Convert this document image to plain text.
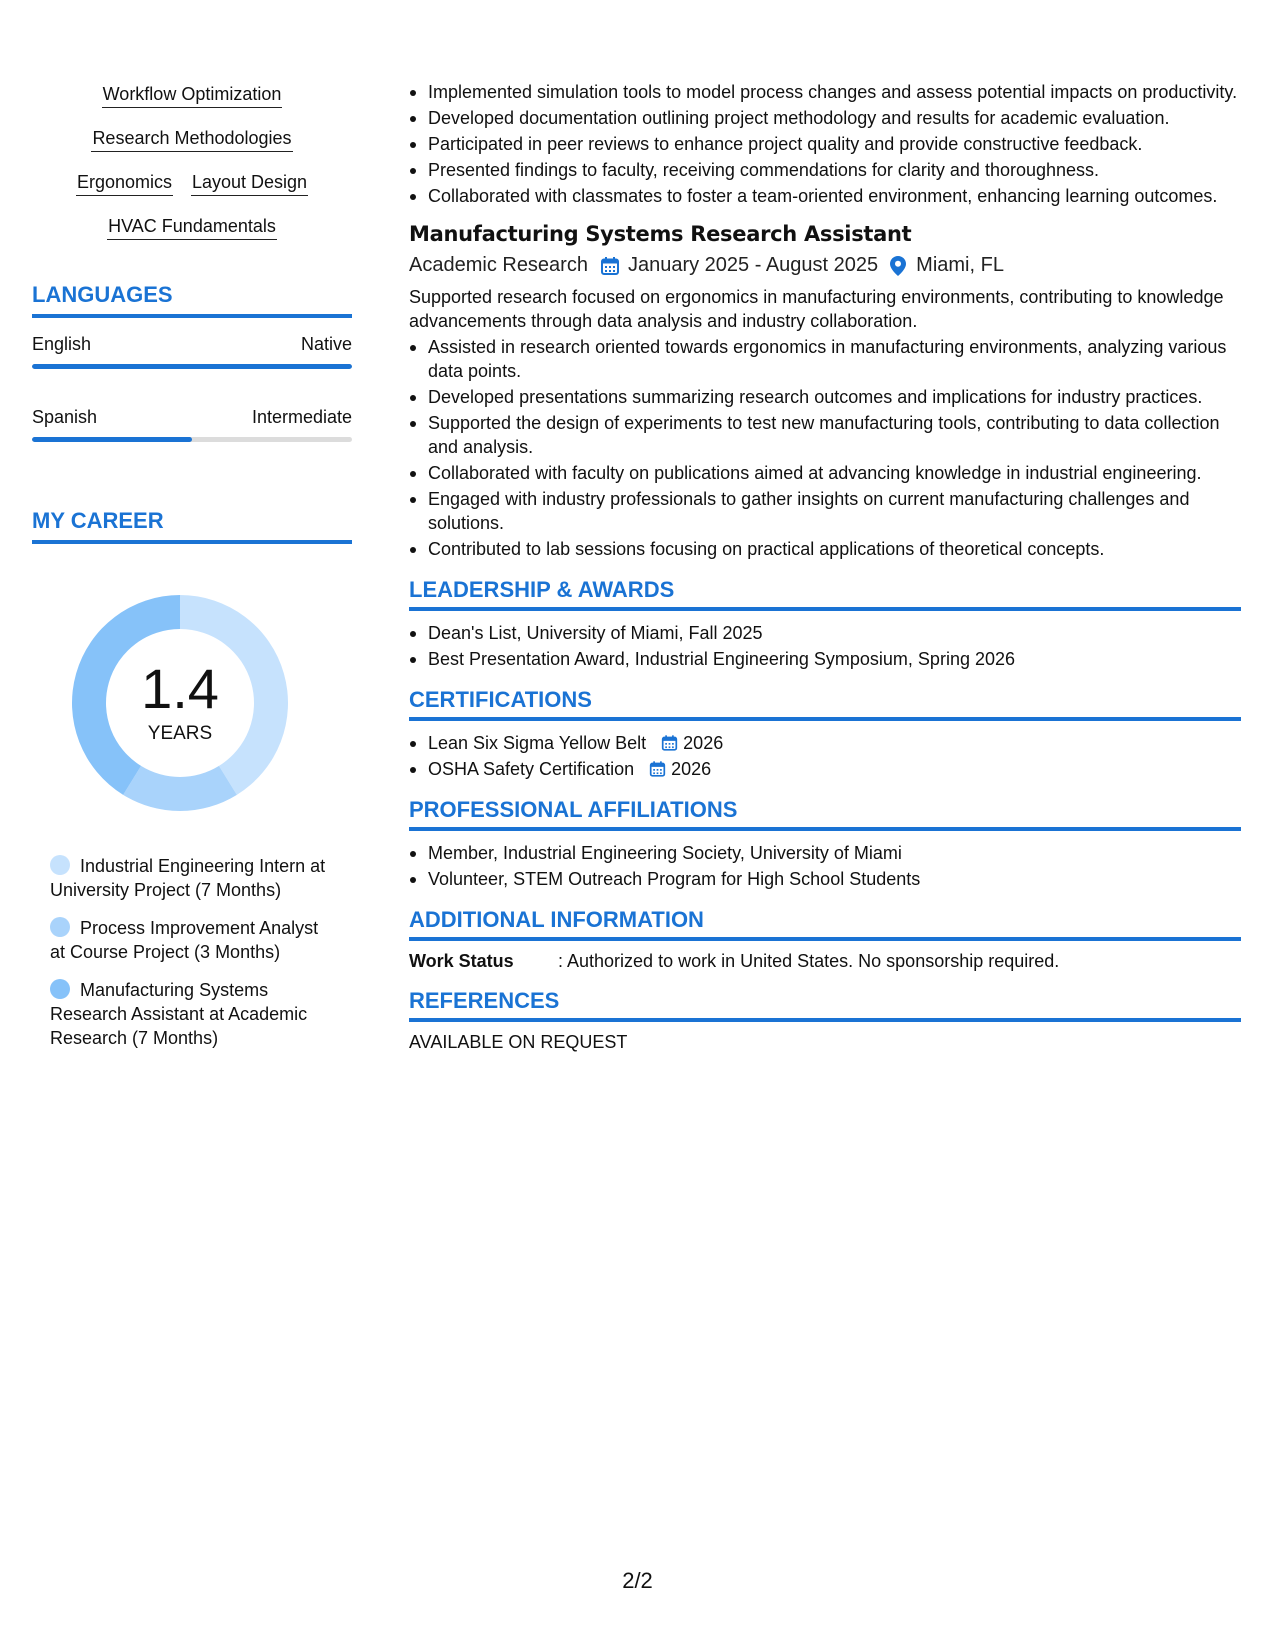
Workflow Optimization
Research Methodologies
Ergonomics Layout Design
HVAC Fundamentals
LANGUAGES
English	Native
Spanish	Intermediate
MY CAREER
1.4
YEARS
Industrial Engineering Intern at University Project (7 Months)
Process Improvement Analyst at Course Project (3 Months)
Manufacturing Systems Research Assistant at Academic Research (7 Months)
Implemented simulation tools to model process changes and assess potential impacts on productivity.
Developed documentation outlining project methodology and results for academic evaluation.
Participated in peer reviews to enhance project quality and provide constructive feedback.
Presented findings to faculty, receiving commendations for clarity and thoroughness.
Collaborated with classmates to foster a team-oriented environment, enhancing learning outcomes.
Manufacturing Systems Research Assistant
Academic Research January 2025 - August 2025 Miami, FL
Supported research focused on ergonomics in manufacturing environments, contributing to knowledge advancements through data analysis and industry collaboration.
Assisted in research oriented towards ergonomics in manufacturing environments, analyzing various data points.
Developed presentations summarizing research outcomes and implications for industry practices.
Supported the design of experiments to test new manufacturing tools, contributing to data collection and analysis.
Collaborated with faculty on publications aimed at advancing knowledge in industrial engineering.
Engaged with industry professionals to gather insights on current manufacturing challenges and solutions.
Contributed to lab sessions focusing on practical applications of theoretical concepts.
LEADERSHIP & AWARDS
Dean's List, University of Miami, Fall 2025
Best Presentation Award, Industrial Engineering Symposium, Spring 2026
CERTIFICATIONS
Lean Six Sigma Yellow Belt 2026
OSHA Safety Certification 2026
PROFESSIONAL AFFILIATIONS
Member, Industrial Engineering Society, University of Miami
Volunteer, STEM Outreach Program for High School Students
ADDITIONAL INFORMATION
Work Status	: Authorized to work in United States. No sponsorship required.
REFERENCES
AVAILABLE ON REQUEST
2/2
